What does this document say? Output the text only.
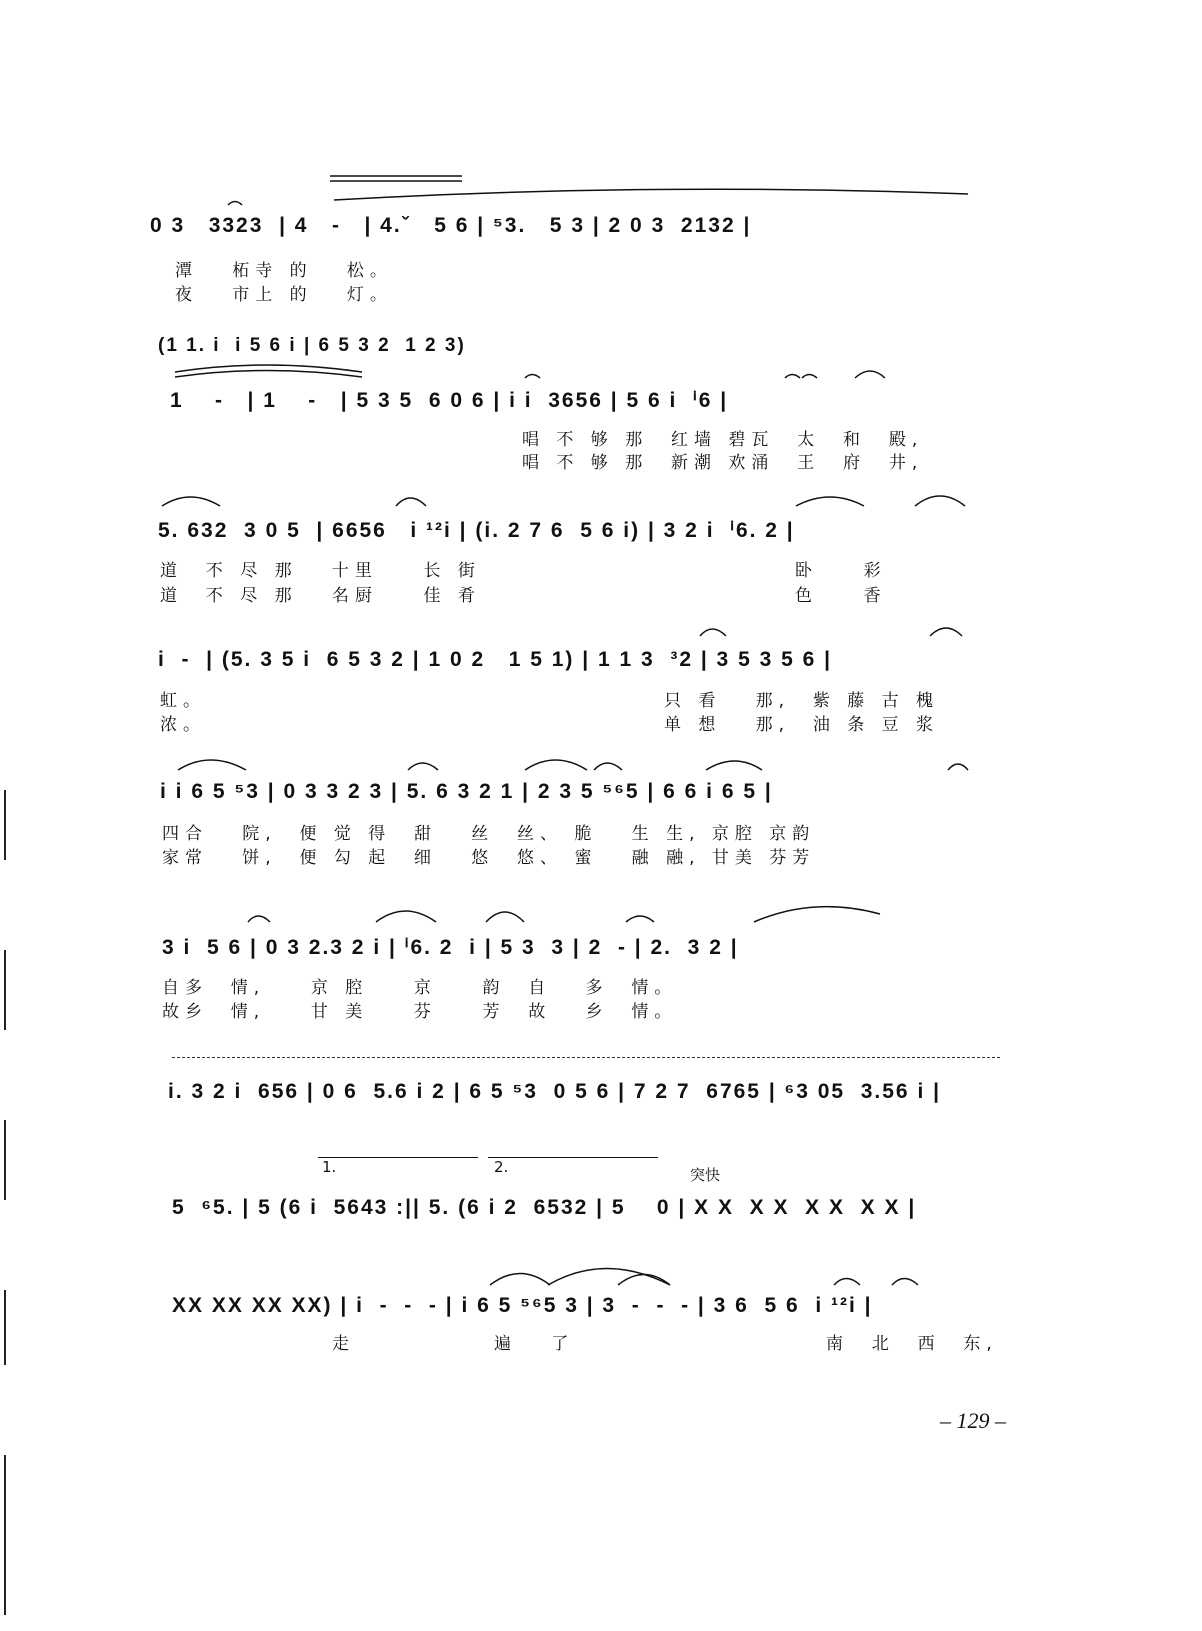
0 3   3323  | 4   -   | 4.ˇ   5 6 | ⁵3.   5 3 | 2 0 3  2132 |
潭   柘寺 的   松。
夜   市上 的   灯。
(1 1. i  i 5 6 i | 6 5 3 2  1 2 3)
1    -   | 1    -   | 5 3 5  6 0 6 | i i  3656 | 5 6 i  ⁱ6 |
唱 不 够 那  红墙 碧瓦  太  和  殿,
唱 不 够 那  新潮 欢涌  王  府  井,
5. 632  3 0 5  | 6656   i ¹²i | (i. 2 7 6  5 6 i) | 3 2 i  ⁱ6. 2 |
道  不 尽 那   十里    长 街
道  不 尽 那   名厨    佳 肴
卧    彩
色    香
i  -  | (5. 3 5 i  6 5 3 2 | 1 0 2   1 5 1) | 1 1 3  ³2 | 3 5 3 5 6 |
虹。
浓。
只 看   那,  紫 藤 古 槐
单 想   那,  油 条 豆 浆
i i 6 5 ⁵3 | 0 3 3 2 3 | 5. 6 3 2 1 | 2 3 5 ⁵⁶5 | 6 6 i 6 5 |
四合   院,  便 觉 得  甜   丝  丝、 脆   生 生, 京腔 京韵
家常   饼,  便 勾 起  细   悠  悠、 蜜   融 融, 甘美 芬芳
3 i  5 6 | 0 3 2.3 2 i | ⁱ6. 2  i | 5 3  3 | 2  - | 2.  3 2 |
自多  情,    京 腔    京    韵  自   多  情。
故乡  情,    甘 美    芬    芳  故   乡  情。
i. 3 2 i  656 | 0 6  5.6 i 2 | 6 5 ⁵3  0 5 6 | 7 2 7  6765 | ⁶3 05  3.56 i |
1.	2.	突快
5  ⁶5. | 5 (6 i  5643 :|| 5. (6 i 2  6532 | 5    0 | X X  X X  X X  X X |
XX XX XX XX) | i  -  -  - | i 6 5 ⁵⁶5 3 | 3  -  -  - | 3 6  5 6  i ¹²i |
走	遍   了	南  北  西  东,
– 129 –
